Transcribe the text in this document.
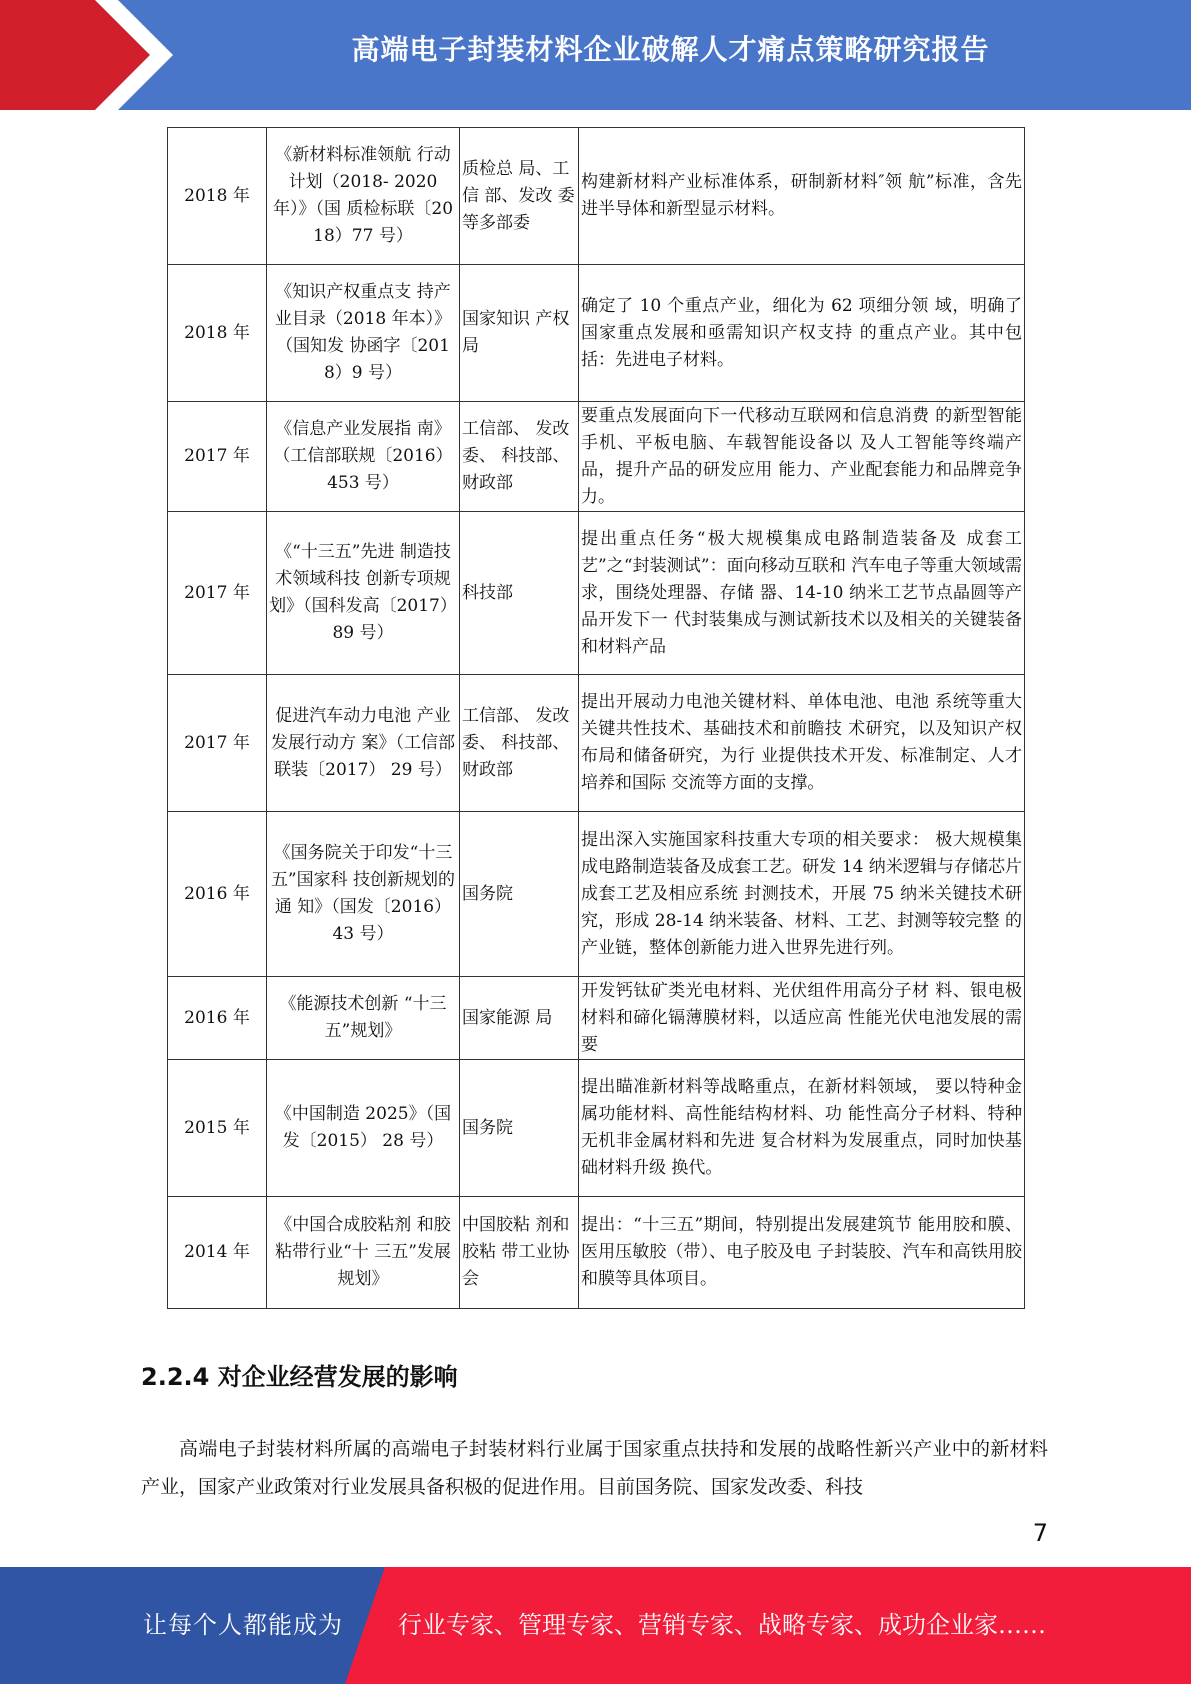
高端电子封装材料企业破解人才痛点策略研究报告
2018 年	《新材料标准领航 行动计划（2018- 2020 年）》（国 质检标联〔2018）77 号）	质检总 局、工信 部、发改 委等多部委	构建新材料产业标准体系，研制新材料″领 航”标准，含先进半导体和新型显示材料。
2018 年	《知识产权重点支 持产业目录（2018 年本）》（国知发 协函字〔2018）9 号）	国家知识 产权局	确定了 10 个重点产业，细化为 62 项细分领 域，明确了国家重点发展和亟需知识产权支持 的重点产业。其中包括：先进电子材料。
2017 年	《信息产业发展指 南》（工信部联规〔2016） 453 号）	工信部、 发改委、 科技部、 财政部	要重点发展面向下一代移动互联网和信息消费 的新型智能手机、平板电脑、车载智能设备以 及人工智能等终端产品，提升产品的研发应用 能力、产业配套能力和品牌竞争力。
2017 年	《“十三五”先进 制造技术领域科技 创新专项规划》（国科发高〔2017）89 号）	科技部	提出重点任务“极大规模集成电路制造装备及 成套工艺”之“封装测试”：面向移动互联和 汽车电子等重大领域需求，围绕处理器、存储 器、14-10 纳米工艺节点晶圆等产品开发下一 代封装集成与测试新技术以及相关的关键装备 和材料产品
2017 年	促进汽车动力电池 产业发展行动方 案》（工信部联装〔2017） 29 号）	工信部、 发改委、 科技部、 财政部	提出开展动力电池关键材料、单体电池、电池 系统等重大关键共性技术、基础技术和前瞻技 术研究，以及知识产权布局和储备研究，为行 业提供技术开发、标准制定、人才培养和国际 交流等方面的支撑。
2016 年	《国务院关于印发“十三五”国家科 技创新规划的通 知》（国发〔2016） 43 号）	国务院	提出深入实施国家科技重大专项的相关要求： 极大规模集成电路制造装备及成套工艺。研发 14 纳米逻辑与存储芯片成套工艺及相应系统 封测技术，开展 75 纳米关键技术研究，形成 28-14 纳米装备、材料、工艺、封测等较完整 的产业链，整体创新能力进入世界先进行列。
2016 年	《能源技术创新 “十三五”规划》	国家能源 局	开发钙钛矿类光电材料、光伏组件用高分子材 料、银电极材料和碲化镉薄膜材料，以适应高 性能光伏电池发展的需要
2015 年	《中国制造 2025》（国发〔2015） 28 号）	国务院	提出瞄准新材料等战略重点，在新材料领域， 要以特种金属功能材料、高性能结构材料、功 能性高分子材料、特种无机非金属材料和先进 复合材料为发展重点，同时加快基础材料升级 换代。
2014 年	《中国合成胶粘剂 和胶粘带行业“十 三五”发展规划》	中国胶粘 剂和胶粘 带工业协 会	提出：“十三五”期间，特别提出发展建筑节 能用胶和膜、医用压敏胶（带）、电子胶及电 子封装胶、汽车和高铁用胶和膜等具体项目。
2.2.4 对企业经营发展的影响
高端电子封装材料所属的高端电子封装材料行业属于国家重点扶持和发展的战略性新兴产业中的新材料产业，国家产业政策对行业发展具备积极的促进作用。目前国务院、国家发改委、科技
7
让每个人都能成为 行业专家、管理专家、营销专家、战略专家、成功企业家……
